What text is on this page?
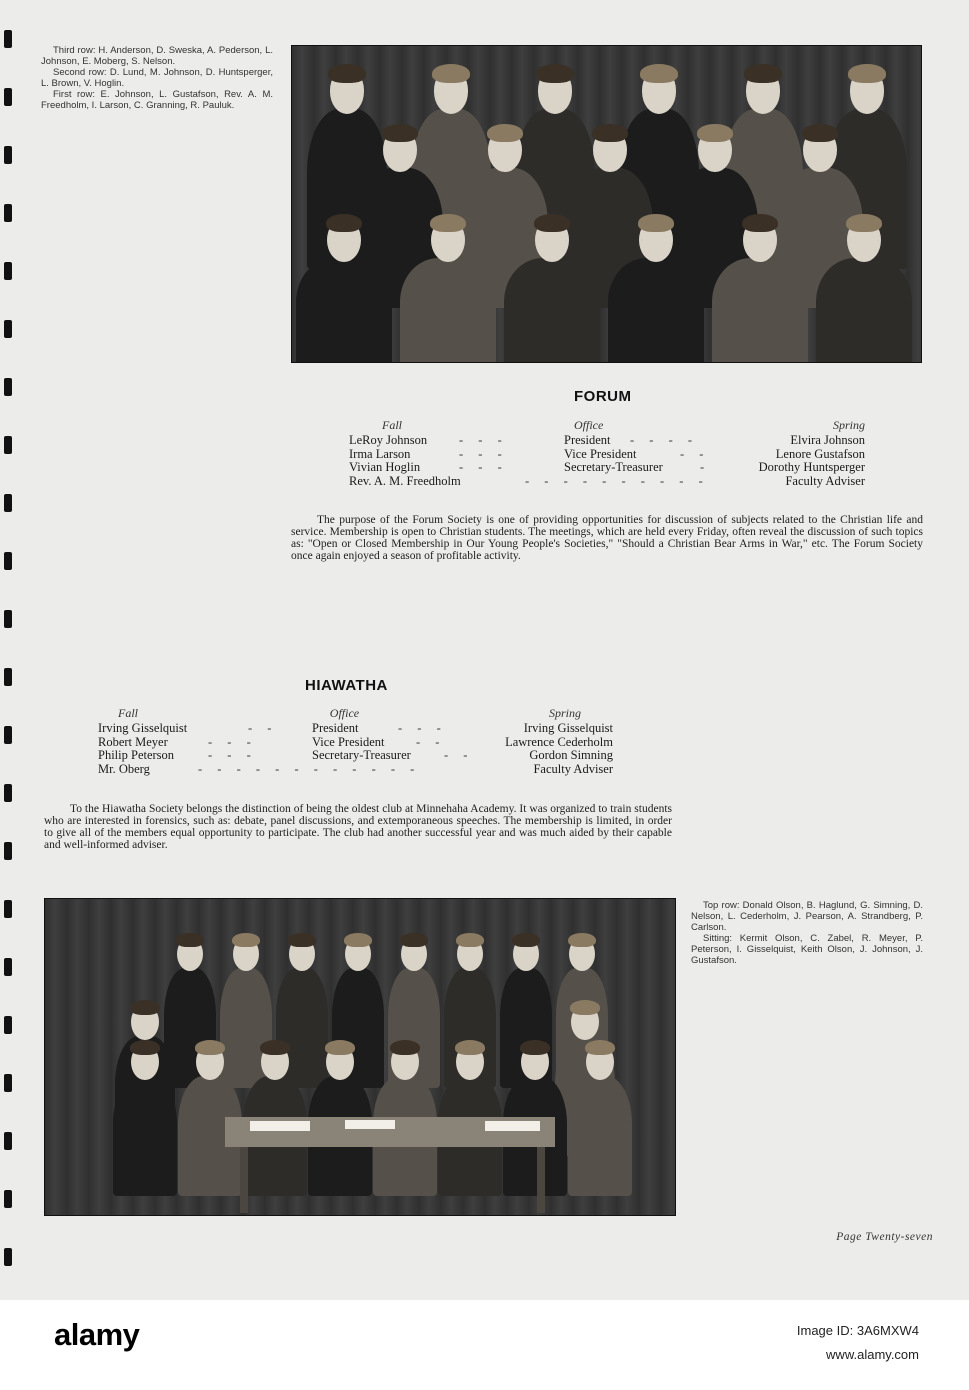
Third row: H. Anderson, D. Sweska, A. Pederson, L. Johnson, E. Moberg, S. Nelson.

Second row: D. Lund, M. Johnson, D. Huntsperger, L. Brown, V. Hoglin.

First row: E. Johnson, L. Gustafson, Rev. A. M. Freedholm, I. Larson, C. Granning, R. Pauluk.

FORUM
Fall	Office	Spring
LeRoy Johnson	- - -	President	- - - -	Elvira Johnson
Irma Larson	- - -	Vice President	- -	Lenore Gustafson
Vivian Hoglin	- - -	Secretary-Treasurer	-	Dorothy Huntsperger
Rev. A. M. Freedholm	- - - - - - - - - -	Faculty Adviser

The purpose of the Forum Society is one of providing opportunities for discussion of subjects related to the Christian life and service. Membership is open to Christian students. The meetings, which are held every Friday, often reveal the discussion of such topics as: "Open or Closed Membership in Our Young People's Societies," "Should a Christian Bear Arms in War," etc. The Forum Society once again enjoyed a season of profitable activity.

HIAWATHA
Fall	Office	Spring
Irving Gisselquist	- -	President	- - -	Irving Gisselquist
Robert Meyer	- - -	Vice President	- -	Lawrence Cederholm
Philip Peterson	- - -	Secretary-Treasurer	- -	Gordon Simning
Mr. Oberg	- - - - - - - - - - - -	Faculty Adviser

To the Hiawatha Society belongs the distinction of being the oldest club at Minnehaha Academy. It was organized to train students who are interested in forensics, such as: debate, panel discussions, and extemporaneous speeches. The membership is limited, in order to give all of the members equal opportunity to participate. The club had another successful year and was much aided by their capable and well-informed adviser.

Top row: Donald Olson, B. Haglund, G. Simning, D. Nelson, L. Cederholm, J. Pearson, A. Strandberg, P. Carlson.

Sitting: Kermit Olson, C. Zabel, R. Meyer, P. Peterson, I. Gisselquist, Keith Olson, J. Johnson, J. Gustafson.

Page Twenty-seven
alamy	Image ID: 3A6MXW4
www.alamy.com
